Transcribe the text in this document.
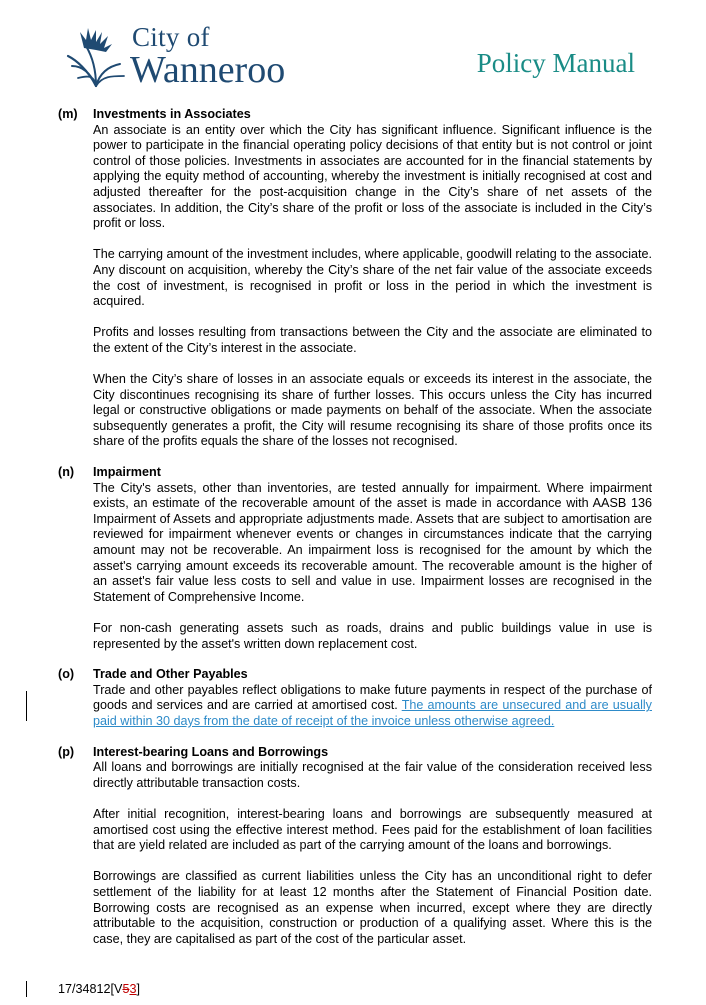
City of
Wanneroo	Policy Manual
(m) Investments in Associates

An associate is an entity over which the City has significant influence. Significant influence is the power to participate in the financial operating policy decisions of that entity but is not control or joint control of those policies. Investments in associates are accounted for in the financial statements by applying the equity method of accounting, whereby the investment is initially recognised at cost and adjusted thereafter for the post-acquisition change in the City’s share of net assets of the associates. In addition, the City’s share of the profit or loss of the associate is included in the City’s profit or loss.

The carrying amount of the investment includes, where applicable, goodwill relating to the associate. Any discount on acquisition, whereby the City’s share of the net fair value of the associate exceeds the cost of investment, is recognised in profit or loss in the period in which the investment is acquired.

Profits and losses resulting from transactions between the City and the associate are eliminated to the extent of the City’s interest in the associate.

When the City’s share of losses in an associate equals or exceeds its interest in the associate, the City discontinues recognising its share of further losses. This occurs unless the City has incurred legal or constructive obligations or made payments on behalf of the associate. When the associate subsequently generates a profit, the City will resume recognising its share of those profits once its share of the profits equals the share of the losses not recognised.

(n) Impairment

The City's assets, other than inventories, are tested annually for impairment. Where impairment exists, an estimate of the recoverable amount of the asset is made in accordance with AASB 136 Impairment of Assets and appropriate adjustments made. Assets that are subject to amortisation are reviewed for impairment whenever events or changes in circumstances indicate that the carrying amount may not be recoverable. An impairment loss is recognised for the amount by which the asset's carrying amount exceeds its recoverable amount. The recoverable amount is the higher of an asset's fair value less costs to sell and value in use. Impairment losses are recognised in the Statement of Comprehensive Income.

For non-cash generating assets such as roads, drains and public buildings value in use is represented by the asset's written down replacement cost.

(o) Trade and Other Payables

Trade and other payables reflect obligations to make future payments in respect of the purchase of goods and services and are carried at amortised cost. The amounts are unsecured and are usually paid within 30 days from the date of receipt of the invoice unless otherwise agreed.

(p) Interest-bearing Loans and Borrowings

All loans and borrowings are initially recognised at the fair value of the consideration received less directly attributable transaction costs.

After initial recognition, interest-bearing loans and borrowings are subsequently measured at amortised cost using the effective interest method. Fees paid for the establishment of loan facilities that are yield related are included as part of the carrying amount of the loans and borrowings.

Borrowings are classified as current liabilities unless the City has an unconditional right to defer settlement of the liability for at least 12 months after the Statement of Financial Position date. Borrowing costs are recognised as an expense when incurred, except where they are directly attributable to the acquisition, construction or production of a qualifying asset. Where this is the case, they are capitalised as part of the cost of the particular asset.

17/34812[V53]
